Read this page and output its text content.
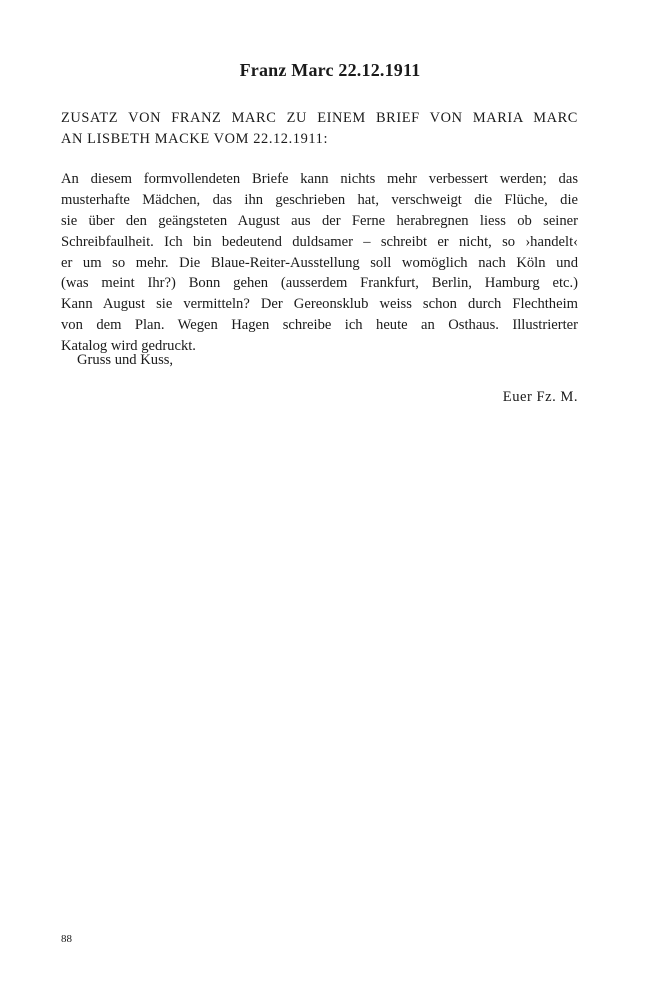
Franz Marc 22.12.1911
ZUSATZ VON FRANZ MARC ZU EINEM BRIEF VON MARIA MARC
AN LISBETH MACKE VOM 22.12.1911:
An diesem formvollendeten Briefe kann nichts mehr verbessert werden; das
musterhafte Mädchen, das ihn geschrieben hat, verschweigt die Flüche, die
sie über den geängsteten August aus der Ferne herabregnen liess ob seiner
Schreibfaulheit. Ich bin bedeutend duldsamer – schreibt er nicht, so ›handelt‹
er um so mehr. Die Blaue-Reiter-Ausstellung soll womöglich nach Köln und
(was meint Ihr?) Bonn gehen (ausserdem Frankfurt, Berlin, Hamburg etc.)
Kann August sie vermitteln? Der Gereonsklub weiss schon durch Flechtheim
von dem Plan. Wegen Hagen schreibe ich heute an Osthaus. Illustrierter
Katalog wird gedruckt.
Gruss und Kuss,
Euer Fz. M.
88
